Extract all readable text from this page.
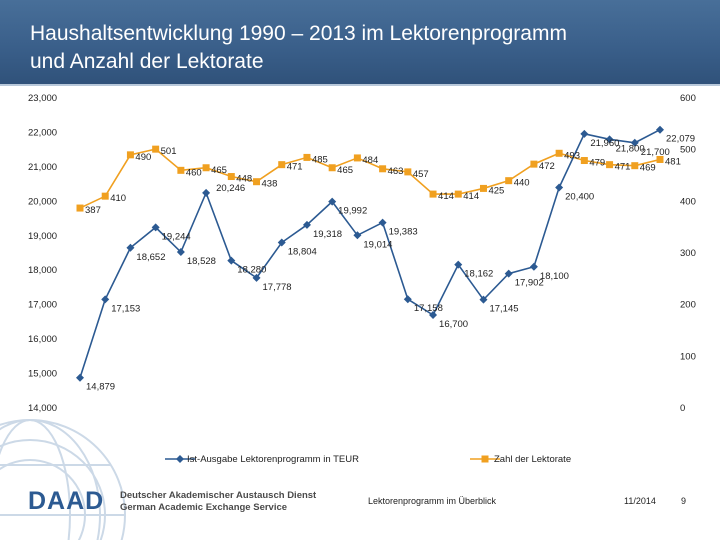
Haushaltsentwicklung 1990 – 2013 im Lektorenprogramm
und Anzahl der Lektorate
14,000
15,000
16,000
17,000
18,000
19,000
20,000
21,000
22,000
23,000
0
100
200
300
400
500
600
387
410
490
501
460 465
448 438
471
485
465
484
463 457
414 414
425
440
472
493
479 471 469
481
14,879
17,153
18,652
19,244
18,528
18,280
17,778
18,804
19,318
19,992
19,014
19,383
17,158
16,700
18,162
17,145
17,902
18,100
20,400
21,960
21,800
21,700
22,079
20,246
Ist-Ausgabe Lektorenprogramm in TEUR	Zahl der Lektorate
DAAD Deutscher Akademischer Austausch Dienst
German Academic Exchange Service
Lektorenprogramm im Überblick	11/2014	9
